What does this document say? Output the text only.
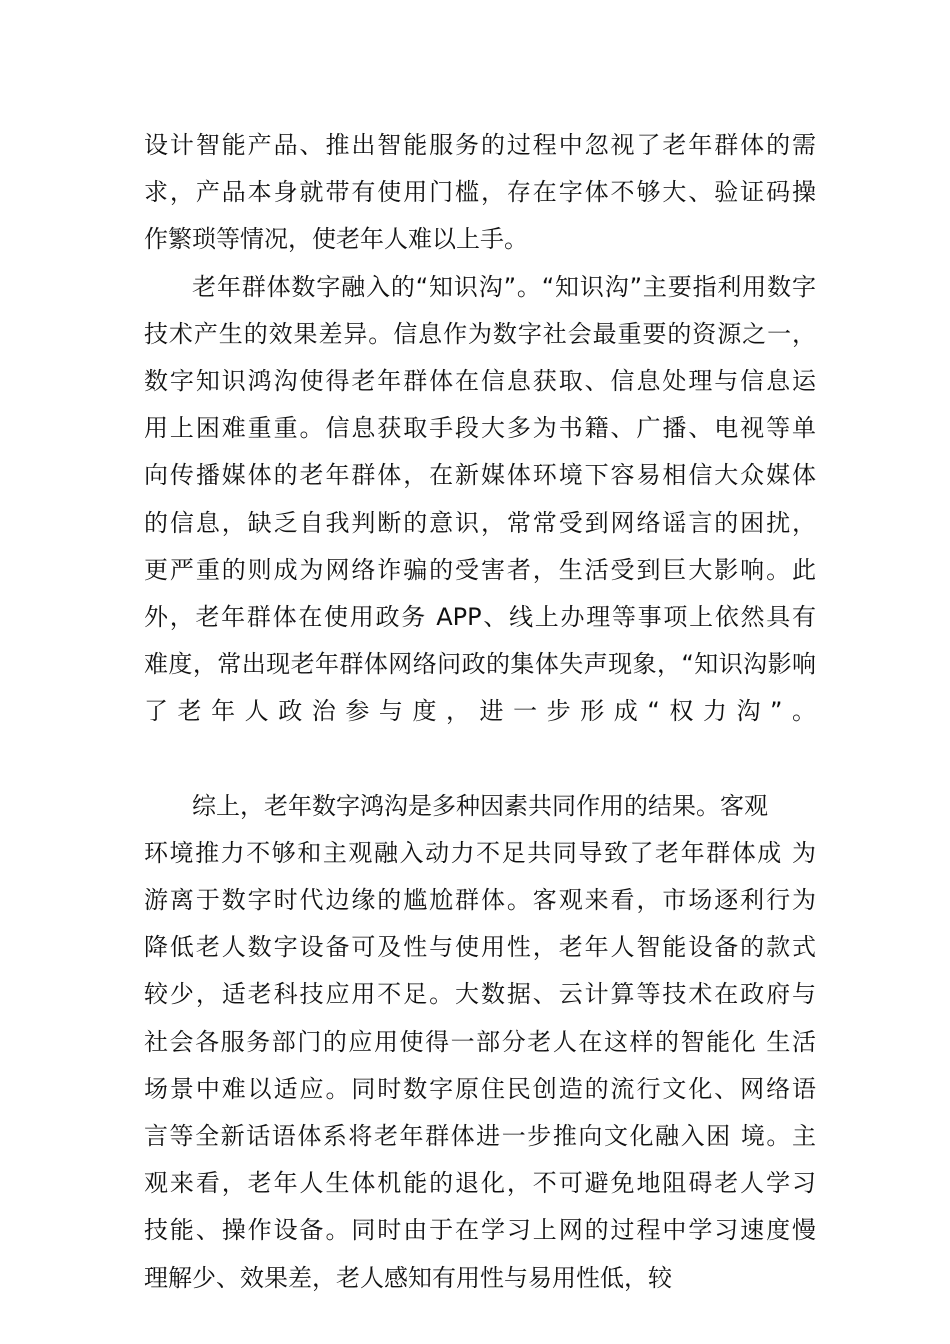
设计智能产品、推出智能服务的过程中忽视了老年群体的需
求，产品本身就带有使用门槛，存在字体不够大、验证码操
作繁琐等情况，使老年人难以上手。
老年群体数字融入的“知识沟”。“知识沟”主要指利用数字
技术产生的效果差异。信息作为数字社会最重要的资源之一，
数字知识鸿沟使得老年群体在信息获取、信息处理与信息运
用上困难重重。信息获取手段大多为书籍、广播、电视等单
向传播媒体的老年群体，在新媒体环境下容易相信大众媒体
的信息，缺乏自我判断的意识，常常受到网络谣言的困扰，
更严重的则成为网络诈骗的受害者，生活受到巨大影响。此
外，老年群体在使用政务 APP、线上办理等事项上依然具有
难度，常出现老年群体网络问政的集体失声现象，“知识沟影响
了老年人政治参与度，进一步形成“权力沟”。
综上，老年数字鸿沟是多种因素共同作用的结果。客观
环境推力不够和主观融入动力不足共同导致了老年群体成 为
游离于数字时代边缘的尴尬群体。客观来看，市场逐利行为
降低老人数字设备可及性与使用性，老年人智能设备的款式
较少，适老科技应用不足。大数据、云计算等技术在政府与
社会各服务部门的应用使得一部分老人在这样的智能化 生活
场景中难以适应。同时数字原住民创造的流行文化、网络语
言等全新话语体系将老年群体进一步推向文化融入困 境。主
观来看，老年人生体机能的退化，不可避免地阻碍老人学习
技能、操作设备。同时由于在学习上网的过程中学习速度慢
理解少、效果差，老人感知有用性与易用性低，较
